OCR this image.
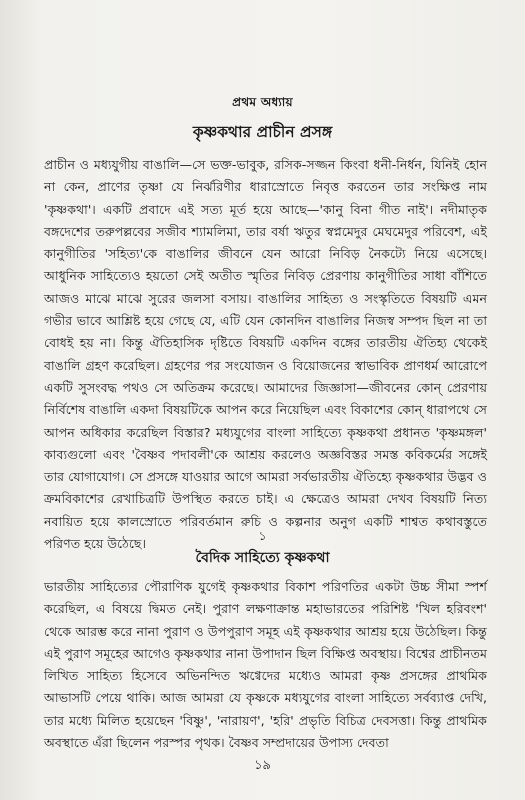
প্রথম অধ্যায়
কৃষ্ণকথার প্রাচীন প্রসঙ্গ

প্রাচীন ও মধ্যযুগীয় বাঙালি—সে ভক্ত-ভাবুক, রসিক-সজ্জন কিংবা ধনী-নির্ধন, যিনিই হোন না কেন, প্রাণের তৃষ্ণা যে নির্ঝরিণীর ধারাস্রোতে নিবৃত্ত করতেন তার সংক্ষিপ্ত নাম 'কৃষ্ণকথা'। একটি প্রবাদে এই সত্য মূর্ত হয়ে আছে—'কানু বিনা গীত নাই'। নদীমাতৃক বঙ্গদেশের তরুপল্লবের সজীব শ্যামলিমা, তার বর্ষা ঋতুর স্বপ্নমেদুর মেঘমেদুর পরিবেশ, এই কানুগীতির 'সহিত্য'কে বাঙালির জীবনে যেন আরো নিবিড় নৈকট্যে নিয়ে এসেছে। আধুনিক সাহিত্যেও হয়তো সেই অতীত স্মৃতির নিবিড় প্রেরণায় কানুগীতির সাধা বাঁশিতে আজও মাঝে মাঝে সুরের জলসা বসায়। বাঙালির সাহিত্য ও সংস্কৃতিতে বিষয়টি এমন গভীর ভাবে আশ্লিষ্ট হয়ে গেছে যে, এটি যেন কোনদিন বাঙালির নিজস্ব সম্পদ ছিল না তা বোধই হয় না। কিন্তু ঐতিহাসিক দৃষ্টিতে বিষয়টি একদিন বঙ্গের তারতীয় ঐতিহ্য থেকেই বাঙালি গ্রহণ করেছিল। গ্রহণের পর সংযোজন ও বিয়োজনের স্বাভাবিক প্রাণধর্ম আরোপে একটি সুসংবদ্ধ পথও সে অতিক্রম করেছে। আমাদের জিজ্ঞাসা—জীবনের কোন্ প্রেরণায় নির্বিশেষ বাঙালি একদা বিষয়টিকে আপন করে নিয়েছিল এবং বিকাশের কোন্ ধারাপথে সে আপন অধিকার করেছিল বিস্তার? মধ্যযুগের বাংলা সাহিত্যে কৃষ্ণকথা প্রধানত 'কৃষ্ণমঙ্গল' কাব্যগুলো এবং 'বৈষ্ণব পদাবলী'কে আশ্রয় করলেও অজ্ঞবিস্তর সমস্ত কবিকর্মের সঙ্গেই তার যোগাযোগ। সে প্রসঙ্গে যাওয়ার আগে আমরা সর্বভারতীয় ঐতিহ্যে কৃষ্ণকথার উদ্ভব ও ক্রমবিকাশের রেখাচিত্রটি উপস্থিত করতে চাই। এ ক্ষেত্রেও আমরা দেখব বিষয়টি নিত্য নবায়িত হয়ে কালস্রোতে পরিবর্তমান রুচি ও কল্পনার অনুগ একটি শাশ্বত কথাবস্তুতে পরিণত হয়ে উঠেছে।

১
বৈদিক সাহিত্যে কৃষ্ণকথা

ভারতীয় সাহিত্যের পৌরাণিক যুগেই কৃষ্ণকথার বিকাশ পরিণতির একটা উচ্চ সীমা স্পর্শ করেছিল, এ বিষয়ে দ্বিমত নেই। পুরাণ লক্ষণাক্রান্ত মহাভারতের পরিশিষ্ট 'খিল হরিবংশ' থেকে আরম্ভ করে নানা পুরাণ ও উপপুরাণ সমূহ এই কৃষ্ণকথার আশ্রয় হয়ে উঠেছিল। কিন্তু এই পুরাণ সমূহের আগেও কৃষ্ণকথার নানা উপাদান ছিল বিক্ষিপ্ত অবস্থায়। বিশ্বের প্রাচীনতম লিখিত সাহিত্য হিসেবে অভিনন্দিত ঋগ্বেদের মধ্যেও আমরা কৃষ্ণ প্রসঙ্গের প্রাথমিক আভাসটি পেয়ে থাকি। আজ আমরা যে কৃষ্ণকে মধ্যযুগের বাংলা সাহিত্যে সর্বব্যাপ্ত দেখি, তার মধ্যে মিলিত হয়েছেন 'বিষ্ণু', 'নারায়ণ', 'হরি' প্রভৃতি বিচিত্র দেবসত্তা। কিন্তু প্রাথমিক অবস্থাতে এঁরা ছিলেন পরস্পর পৃথক। বৈষ্ণব সম্প্রদায়ের উপাস্য দেবতা

১৯
